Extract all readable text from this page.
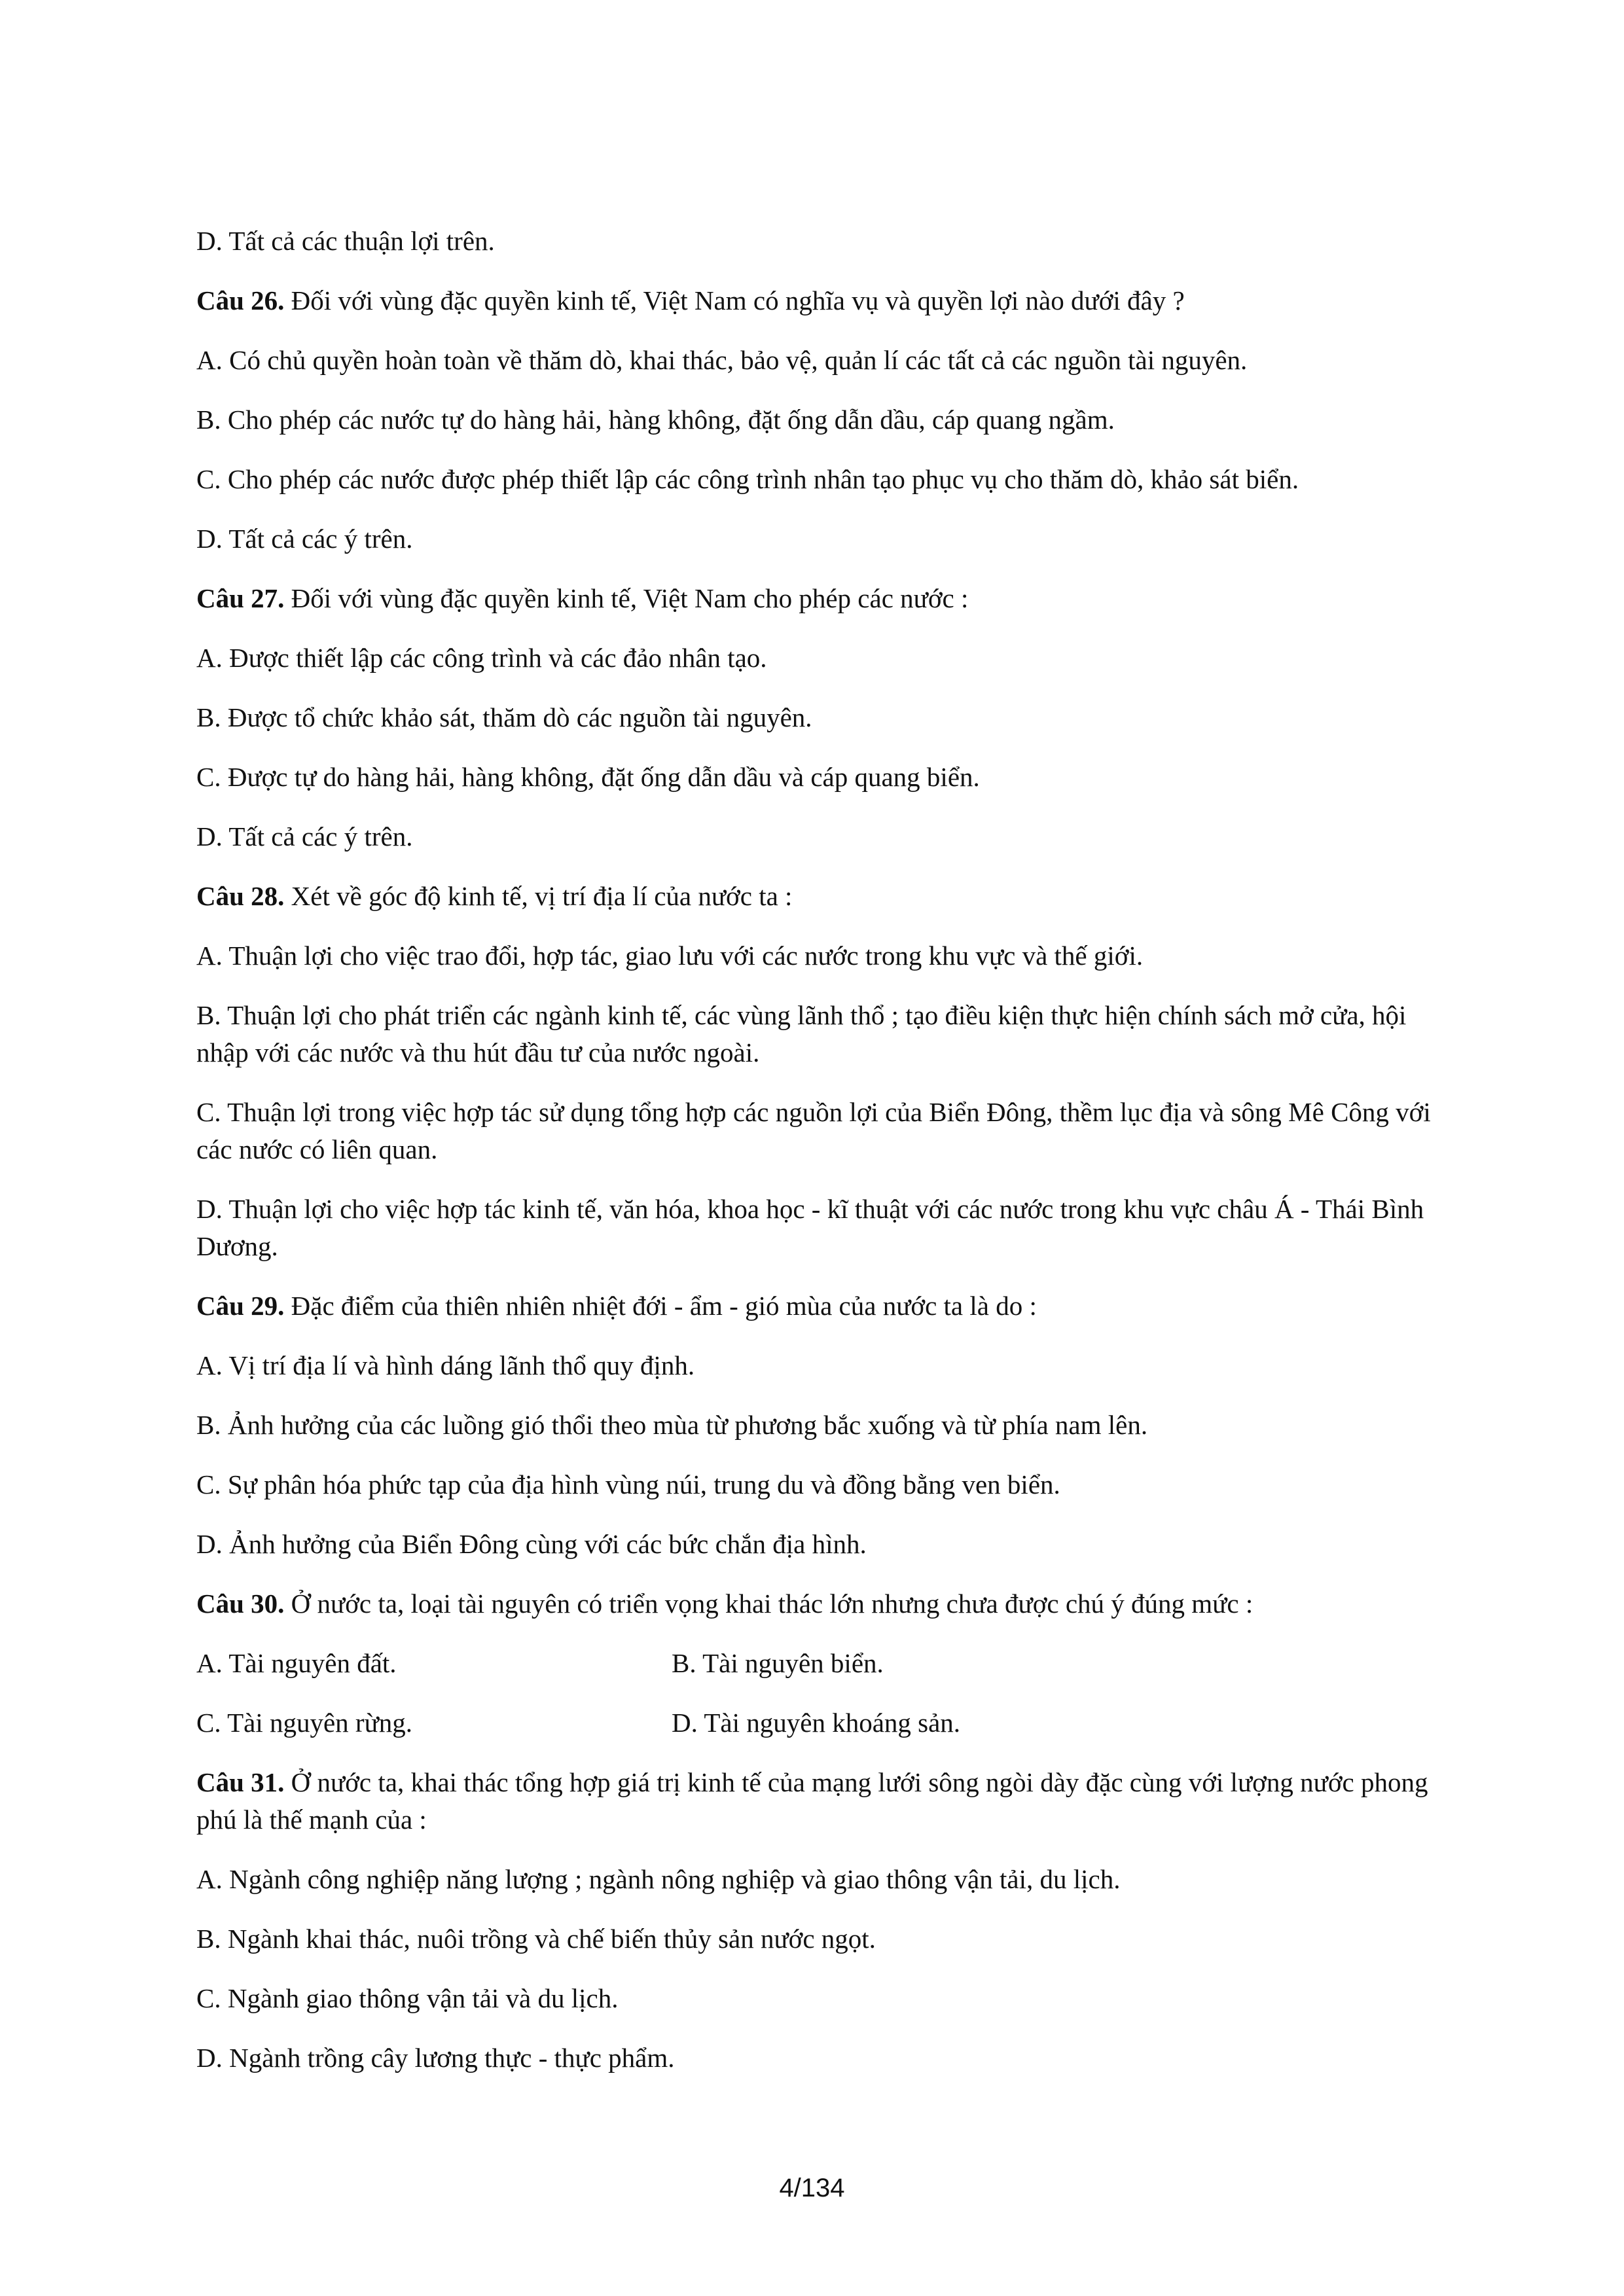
D. Tất cả các thuận lợi trên.

Câu 26. Đối với vùng đặc quyền kinh tế, Việt Nam có nghĩa vụ và quyền lợi nào dưới đây ?

A. Có chủ quyền hoàn toàn về thăm dò, khai thác, bảo vệ, quản lí các tất cả các nguồn tài nguyên.

B. Cho phép các nước tự do hàng hải, hàng không, đặt ống dẫn dầu, cáp quang ngầm.

C. Cho phép các nước được phép thiết lập các công trình nhân tạo phục vụ cho thăm dò, khảo sát biển.

D. Tất cả các ý trên.

Câu 27. Đối với vùng đặc quyền kinh tế, Việt Nam cho phép các nước :

A. Được thiết lập các công trình và các đảo nhân tạo.

B. Được tổ chức khảo sát, thăm dò các nguồn tài nguyên.

C. Được tự do hàng hải, hàng không, đặt ống dẫn dầu và cáp quang biển.

D. Tất cả các ý trên.

Câu 28. Xét về góc độ kinh tế, vị trí địa lí của nước ta :

A. Thuận lợi cho việc trao đổi, hợp tác, giao lưu với các nước trong khu vực và thế giới.

B. Thuận lợi cho phát triển các ngành kinh tế, các vùng lãnh thổ ; tạo điều kiện thực hiện chính sách mở cửa, hội nhập với các nước và thu hút đầu tư của nước ngoài.

C. Thuận lợi trong việc hợp tác sử dụng tổng hợp các nguồn lợi của Biển Đông, thềm lục địa và sông Mê Công với các nước có liên quan.

D. Thuận lợi cho việc hợp tác kinh tế, văn hóa, khoa học - kĩ thuật với các nước trong khu vực châu Á - Thái Bình Dương.

Câu 29. Đặc điểm của thiên nhiên nhiệt đới - ẩm - gió mùa của nước ta là do :

A. Vị trí địa lí và hình dáng lãnh thổ quy định.

B. Ảnh hưởng của các luồng gió thổi theo mùa từ phương bắc xuống và từ phía nam lên.

C. Sự phân hóa phức tạp của địa hình vùng núi, trung du và đồng bằng ven biển.

D. Ảnh hưởng của Biển Đông cùng với các bức chắn địa hình.

Câu 30. Ở nước ta, loại tài nguyên có triển vọng khai thác lớn nhưng chưa được chú ý đúng mức :

A. Tài nguyên đất.	B. Tài nguyên biển.
C. Tài nguyên rừng.	D. Tài nguyên khoáng sản.

Câu 31. Ở nước ta, khai thác tổng hợp giá trị kinh tế của mạng lưới sông ngòi dày đặc cùng với lượng nước phong phú là thế mạnh của :

A. Ngành công nghiệp năng lượng ; ngành nông nghiệp và giao thông vận tải, du lịch.

B. Ngành khai thác, nuôi trồng và chế biến thủy sản nước ngọt.

C. Ngành giao thông vận tải và du lịch.

D. Ngành trồng cây lương thực - thực phẩm.

4/134
